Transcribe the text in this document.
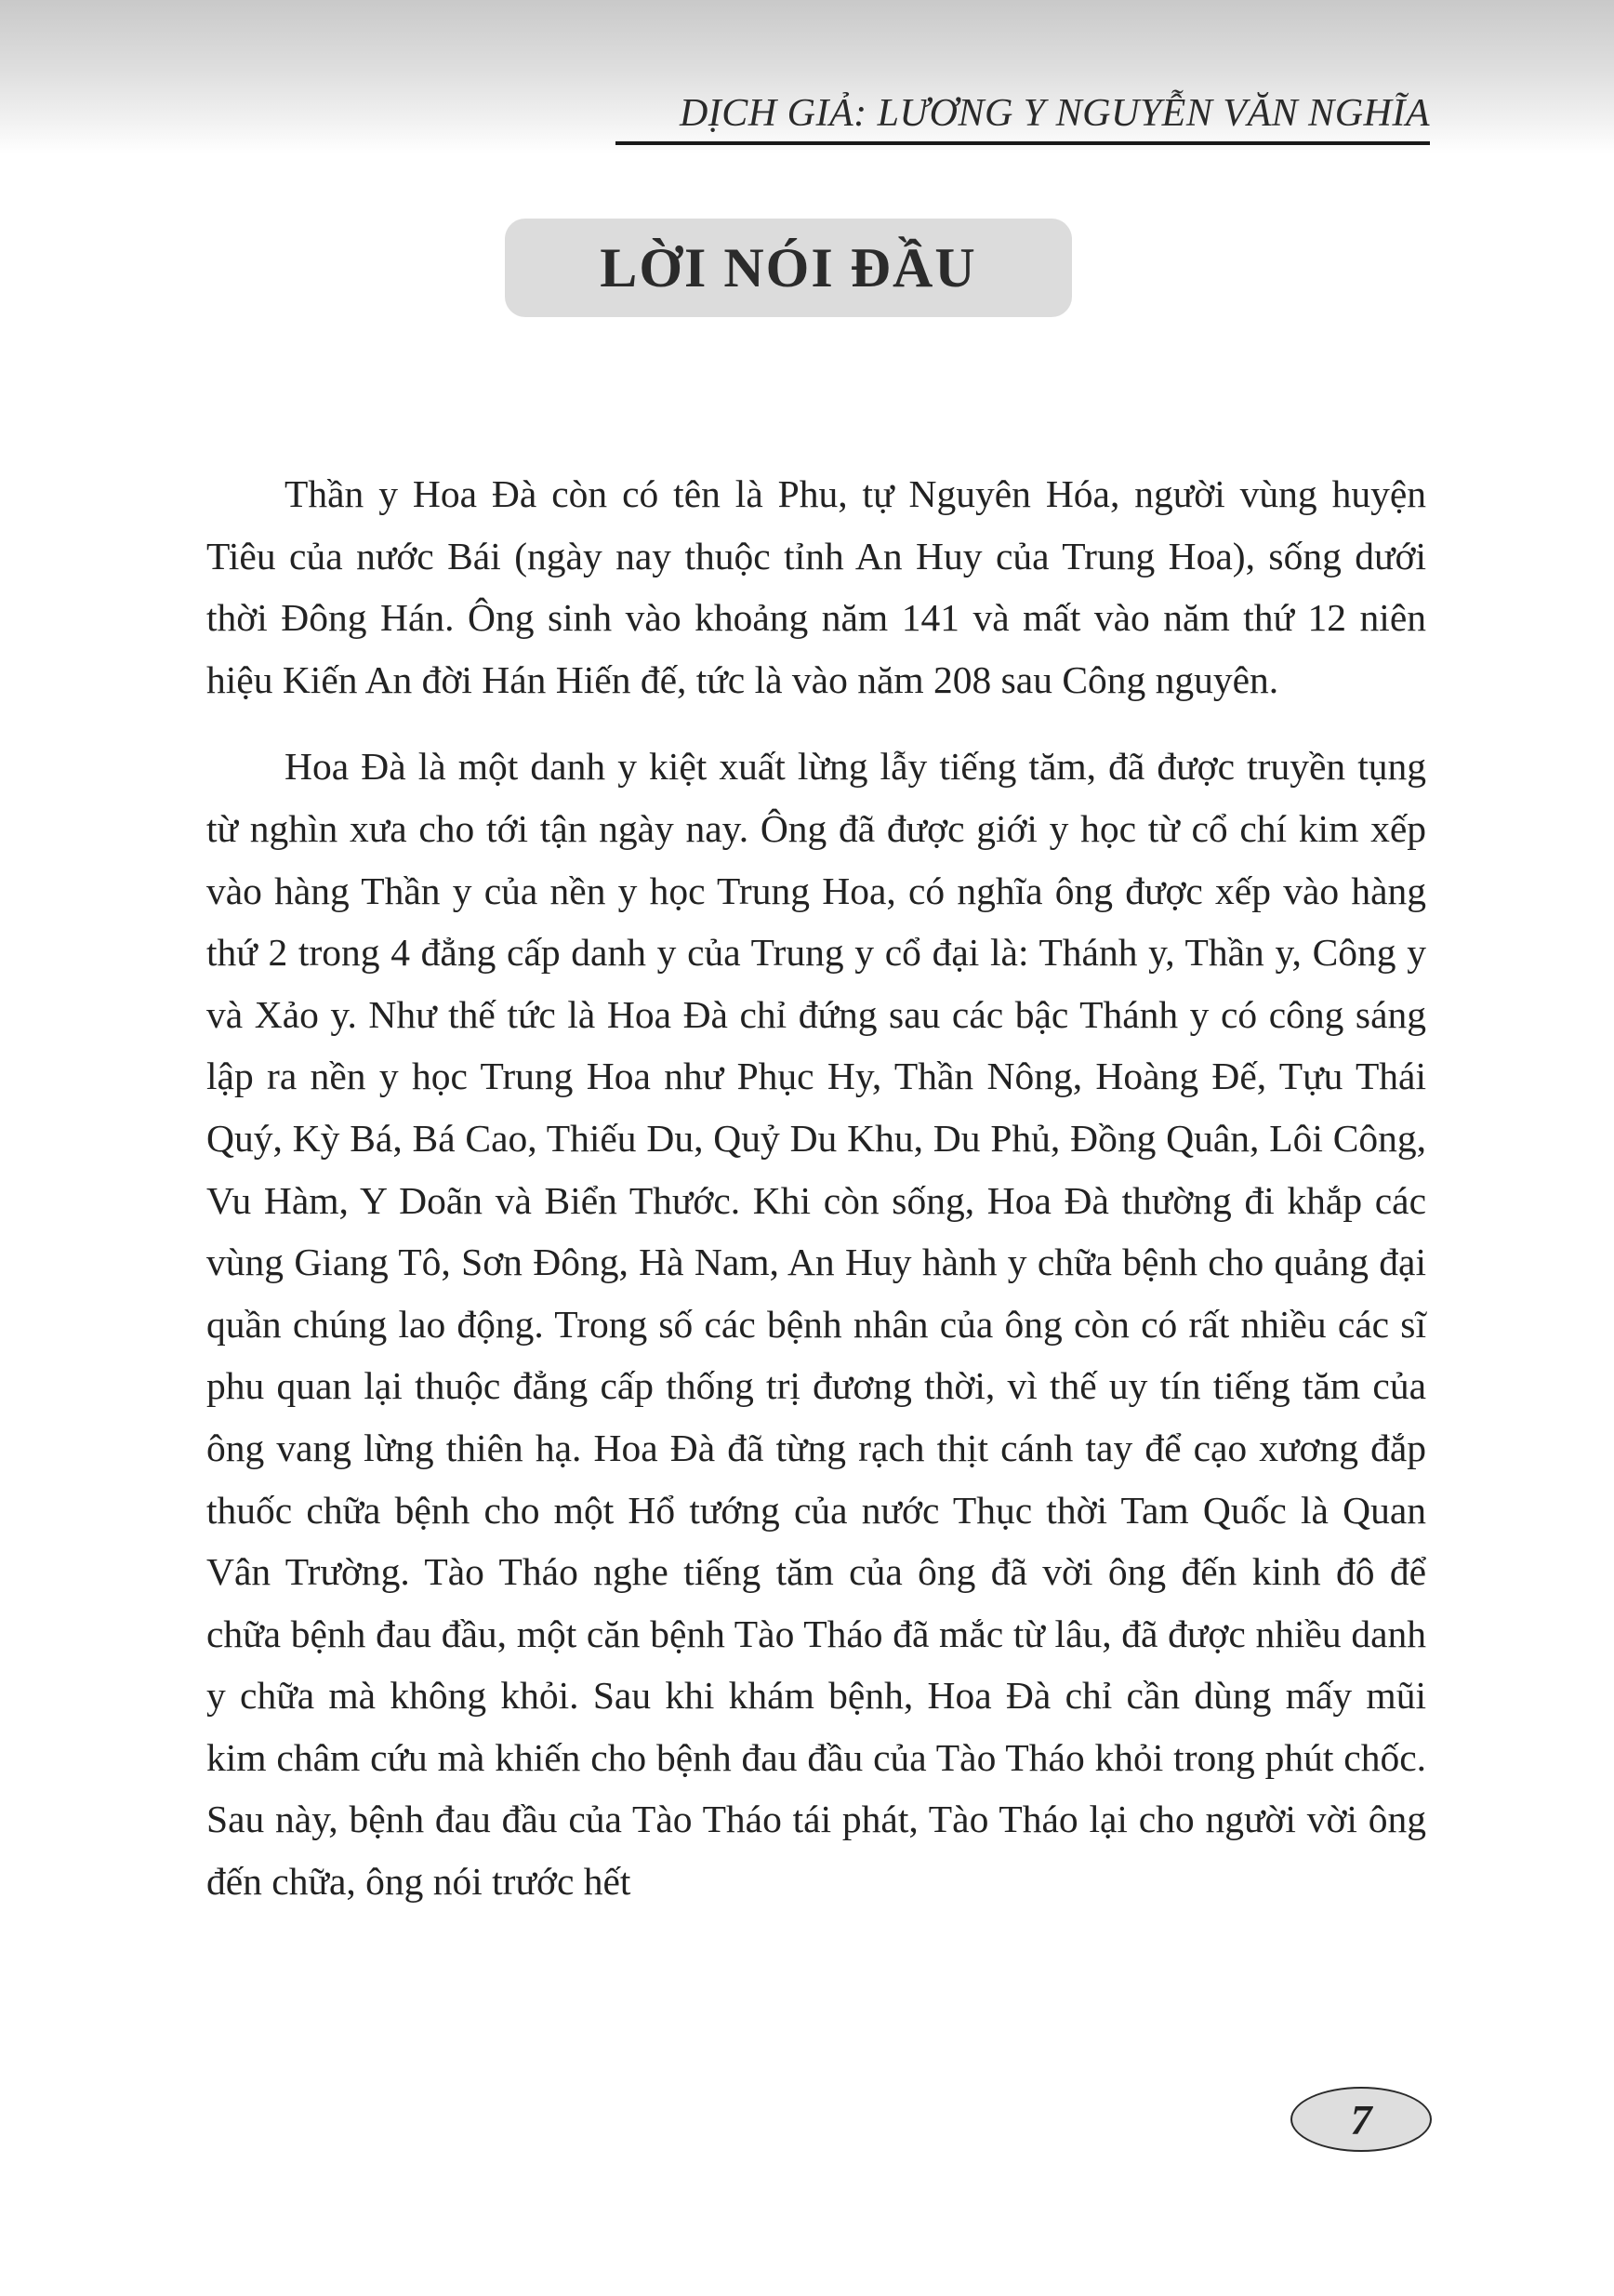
DỊCH GIẢ: LƯƠNG Y NGUYỄN VĂN NGHĨA
LỜI NÓI ĐẦU

Thần y Hoa Đà còn có tên là Phu, tự Nguyên Hóa, người vùng huyện Tiêu của nước Bái (ngày nay thuộc tỉnh An Huy của Trung Hoa), sống dưới thời Đông Hán. Ông sinh vào khoảng năm 141 và mất vào năm thứ 12 niên hiệu Kiến An đời Hán Hiến đế, tức là vào năm 208 sau Công nguyên.

Hoa Đà là một danh y kiệt xuất lừng lẫy tiếng tăm, đã được truyền tụng từ nghìn xưa cho tới tận ngày nay. Ông đã được giới y học từ cổ chí kim xếp vào hàng Thần y của nền y học Trung Hoa, có nghĩa ông được xếp vào hàng thứ 2 trong 4 đẳng cấp danh y của Trung y cổ đại là: Thánh y, Thần y, Công y và Xảo y. Như thế tức là Hoa Đà chỉ đứng sau các bậc Thánh y có công sáng lập ra nền y học Trung Hoa như Phục Hy, Thần Nông, Hoàng Đế, Tựu Thái Quý, Kỳ Bá, Bá Cao, Thiếu Du, Quỷ Du Khu, Du Phủ, Đồng Quân, Lôi Công, Vu Hàm, Y Doãn và Biển Thước. Khi còn sống, Hoa Đà thường đi khắp các vùng Giang Tô, Sơn Đông, Hà Nam, An Huy hành y chữa bệnh cho quảng đại quần chúng lao động. Trong số các bệnh nhân của ông còn có rất nhiều các sĩ phu quan lại thuộc đẳng cấp thống trị đương thời, vì thế uy tín tiếng tăm của ông vang lừng thiên hạ. Hoa Đà đã từng rạch thịt cánh tay để cạo xương đắp thuốc chữa bệnh cho một Hổ tướng của nước Thục thời Tam Quốc là Quan Vân Trường. Tào Tháo nghe tiếng tăm của ông đã vời ông đến kinh đô để chữa bệnh đau đầu, một căn bệnh Tào Tháo đã mắc từ lâu, đã được nhiều danh y chữa mà không khỏi. Sau khi khám bệnh, Hoa Đà chỉ cần dùng mấy mũi kim châm cứu mà khiến cho bệnh đau đầu của Tào Tháo khỏi trong phút chốc. Sau này, bệnh đau đầu của Tào Tháo tái phát, Tào Tháo lại cho người vời ông đến chữa, ông nói trước hết

7
